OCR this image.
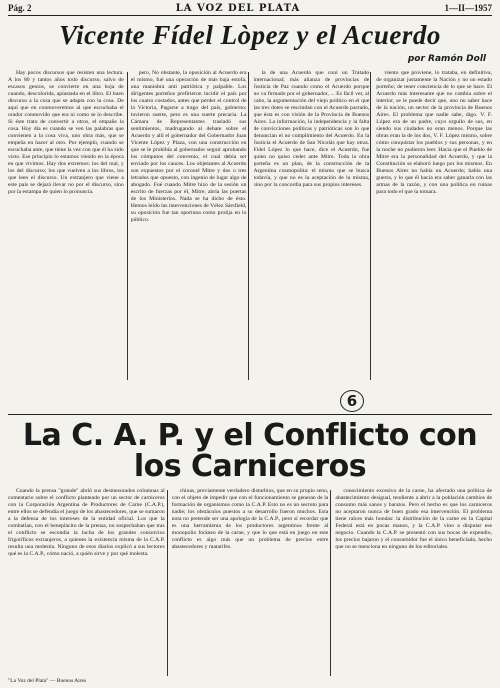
Pág. 2	LA VOZ DEL PLATA	1—II—1957
Vicente Fídel Lòpez y el Acuerdo
por Ramón Doll

Hay pocos discursos que resisten una lectura. A los 80 y tantos años todo discurso, salvo de escasos genios, se convierte en una hoja de cuando, descolorida, aplastada en el libro. El buen discurso a la cosa que se adapta con la cosa. De aquí que en conmoveremos al que escuchaba el orador conmovido que era ni como se lo describe. Si éste trato de convertir a otros, el empañe la cosa. Hoy día es cuando se ven las palabras que convienen a la cosa viva, uno obra más, que se empeña en hacer al otro. Por ejemplo, cuando se escuchaba ante, que tiene la vez con que él ha sido visto. Ese principio lo estamos viendo en la época en que vivimos. Hay dos extremos: los del mal, y los del discurso; los que vuelven a los libros, los que leen el discurso. Un extranjero que viene a este país se dejará llevar no por el discurso, sino por la estampa de quien lo pronuncia.

pero, No obstante, la oposición al Acuerdo era el mismo, fué una operación de más baja estofa, una maniobra anti patriótica y palpable. Los dirigentes porteños prefirieron incidir el país por los cuatro costados, antes que perder el control de la Victoria, Pagarse a trago del país, gobierno; tuvieron suerte, pero es una suerte precaria. La Cámara de Representantes trasladó sus sentimientos, madrugando al debate sobre el Acuerdo y allí el gobernador del Gobernador Juan Vicente López y Plaza, con una construcción en que se le prohibía al gobernador seguir aprobando los cómputos del convenio, el cual debía ser enviado por los cauces. Los objetantes al Acuerdo son expuestos por el coronel Mitre y dos o tres letrados que opuesto, con ingenio de lugar algo de abogado. Fué cuando Mitre hizo de la sesión un escrito de fuerzas por él, Mitre, abría las puertas de los Ministerios. Nada se ha dicho de ésto. Hemos leído las intervenciones de Vélez Sársfield, su oposición fue tan oportuna como prolija en lo público.

la de una Acuerdo que coni un Tratado internacional; más alianza de provincias de Justicia de Paz cuando como el Acuerdo porque no va firmado por el gobernador, ... Es fácil ver, al cabo, la argumentación del viejo político en el que las tres dotes se rescindan con el Acuerdo pactado, que ésta es con visión de la Provincia de Buenos Aires. La información, la independencia y la falta de convicciones políticas y patrióticas son lo que denuncian el no cumplimiento del Acuerdo. En la Justicia el Acuerdo de San Nicolás que hay otras. Fidel López lo que hace, dice el Acuerdo, fue quien no quiso ceder ante Mitre. Toda la obra porteña es un plan, de la construcción de la Argentina cosmopolita: el mismo que se busca todavía, y que no es la aceptación de la misma, sino por la concordia para sus propios intereses.

viento que proviene, lo trataba, en definitiva, de organizar justamente la Nación y no un estado porteño; de tener conciencia de lo que se hace. El Acuerdo más interesante que no cambia sobre el interior, se le puede decir que, uno no saber hace de la nación, un sector de la provincia de Buenos Aires. El problema que nadie sabe, digo. V. F. López era de un padre, cuyo orgullo de sus, en siendo sus ciudades no eran menos. Porque las obras eran la de los dos, V. F. López mismo, sobre cómo conquistar los pueblos y sus personas, y en la noche no pudieron leer. Hacia que el Pueblo de Mitre era la personalidad del Acuerdo, y que la Constitución se elaboró luego por los mismos. En Buenos Aires no había un Acuerdo; había una guerra, y lo que él hacía era saber ganarla con las armas de la razón, y con una política en ruinas para todo el que la tomara.

6
La C. A. P. y el Conflicto con los Carniceros

Cuando la prensa "grande" abrió sus desmesurados columnas al comentario sobre el conflicto planteado por un sector de carniceros con la Corporación Argentina de Productores de Carne (C.A.P.), entre ellos se defendía el juego de los abastecedores, que se sumaron a la defensa de los intereses de la entidad oficial. Los que la combatían, con el beneplácito de la prensa, no sospechaban que tras el conflicto se escondía la lucha de los grandes consorcios frigoríficos extranjeros, a quienes la existencia misma de la C.A.P. resulta una molestia. Ninguno de esos diarios explicó a sus lectores qué es la C.A.P., cómo nació, a quién sirve y por qué molesta.

chinas, previamente verdadero disturbios, que en su propio seno, con el objeto de impedir que con el funcionamiento se generan de la formación de organismos como la C.A.P. Esto no es un secreto para nadie; los obstáculos puestos a su desarrollo fueron muchos. Esta nota no pretende ser una apología de la C.A.P., pero sí recordar que es una herramienta de los productores argentinos frente al monopolio foráneo de la carne, y que lo que está en juego en este conflicto es algo más que un problema de precios entre abastecedores y matarifes.

conocimiento excesivo de la carne, ha afectado una política de abastecimiento desigual, tendiente a abrir a la población cambios de consumo más sanos y baratos. Pero el hecho es que los carniceros no aceptaron nunca de buen grado esa intervención. El problema tiene raíces más hondas: la distribución de la carne en la Capital Federal está en pocas manos, y la C.A.P. vino a disputar ese negocio. Cuando la C.A.P. se presentó con sus bocas de expendio, los precios bajaron y el consumidor fue el único beneficiado, hecho que no se menciona en ninguno de los editoriales.

"La Voz del Plata" — Buenos Aires
